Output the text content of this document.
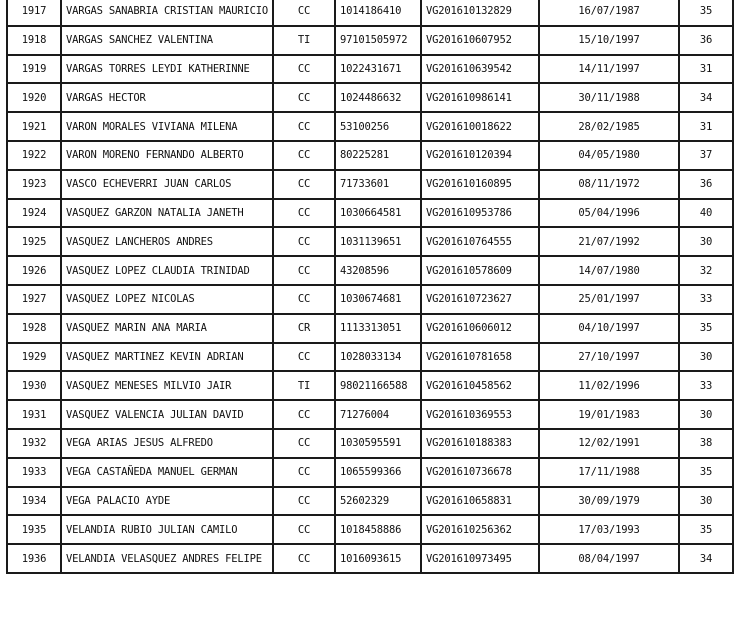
1917	VARGAS SANABRIA CRISTIAN MAURICIO	CC	1014186410	VG201610132829	16/07/1987	35
1918	VARGAS SANCHEZ VALENTINA	TI	97101505972	VG201610607952	15/10/1997	36
1919	VARGAS TORRES LEYDI KATHERINNE	CC	1022431671	VG201610639542	14/11/1997	31
1920	VARGAS HECTOR	CC	1024486632	VG201610986141	30/11/1988	34
1921	VARON MORALES VIVIANA MILENA	CC	53100256	VG201610018622	28/02/1985	31
1922	VARON MORENO FERNANDO ALBERTO	CC	80225281	VG201610120394	04/05/1980	37
1923	VASCO ECHEVERRI JUAN CARLOS	CC	71733601	VG201610160895	08/11/1972	36
1924	VASQUEZ GARZON NATALIA JANETH	CC	1030664581	VG201610953786	05/04/1996	40
1925	VASQUEZ LANCHEROS ANDRES	CC	1031139651	VG201610764555	21/07/1992	30
1926	VASQUEZ LOPEZ CLAUDIA TRINIDAD	CC	43208596	VG201610578609	14/07/1980	32
1927	VASQUEZ LOPEZ NICOLAS	CC	1030674681	VG201610723627	25/01/1997	33
1928	VASQUEZ MARIN ANA MARIA	CR	1113313051	VG201610606012	04/10/1997	35
1929	VASQUEZ MARTINEZ KEVIN ADRIAN	CC	1028033134	VG201610781658	27/10/1997	30
1930	VASQUEZ MENESES MILVIO JAIR	TI	98021166588	VG201610458562	11/02/1996	33
1931	VASQUEZ VALENCIA JULIAN DAVID	CC	71276004	VG201610369553	19/01/1983	30
1932	VEGA ARIAS JESUS ALFREDO	CC	1030595591	VG201610188383	12/02/1991	38
1933	VEGA CASTAÑEDA MANUEL GERMAN	CC	1065599366	VG201610736678	17/11/1988	35
1934	VEGA PALACIO AYDE	CC	52602329	VG201610658831	30/09/1979	30
1935	VELANDIA RUBIO JULIAN CAMILO	CC	1018458886	VG201610256362	17/03/1993	35
1936	VELANDIA VELASQUEZ ANDRES FELIPE	CC	1016093615	VG201610973495	08/04/1997	34
